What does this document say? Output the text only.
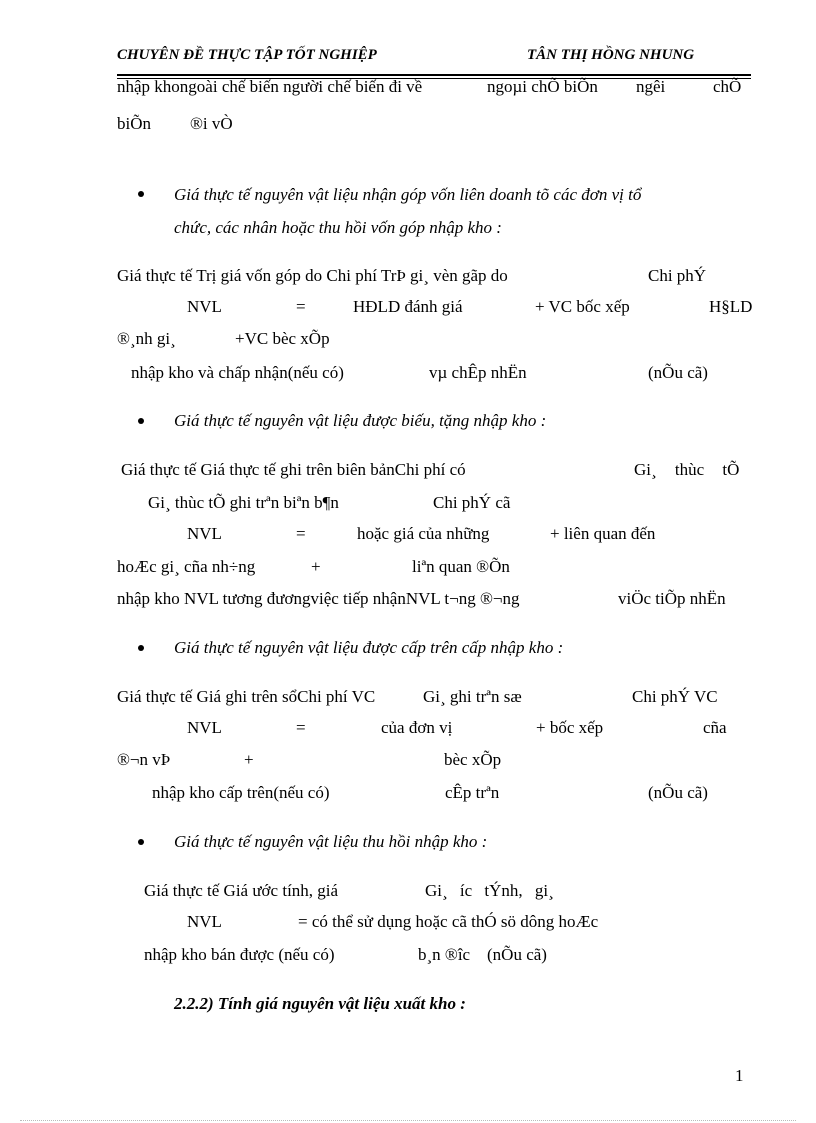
CHUYÊN ĐỀ THỰC TẬP TỐT NGHIỆP	TÂN THỊ HỒNG NHUNG
nhập khongoài chế biến người chế biến đi về	ngoµi chÕ biÕn ngêi	chÕ
biÕn ®i vÒ
Giá thực tế nguyên vật liệu nhận góp vốn liên doanh tõ các đơn vị tổ
chức, các nhân hoặc thu hồi vốn góp nhập kho :
Giá thực tế Trị giá vốn góp do Chi phí TrÞ gi¸ vèn gãp do	Chi phÝ
NVL	=	HĐLD đánh giá	+ VC bốc xếp	H§LD
®¸nh gi¸	+VC bèc xÕp
nhập kho và chấp nhận(nếu có)	vµ chÊp nhËn	(nÕu cã)
Giá thực tế nguyên vật liệu được biếu, tặng nhập kho :
Giá thực tế Giá thực tế ghi trên biên bảnChi phí có	Gi¸ thùc tÕ
Gi¸ thùc tÕ ghi trªn biªn b¶n	Chi phÝ cã
NVL	=	hoặc giá của những	+ liên quan đến
hoÆc gi¸ cña nh÷ng	+	liªn quan ®Õn
nhập kho NVL tương đươngviệc tiếp nhậnNVL t¬ng ®¬ng	viÖc tiÕp nhËn
Giá thực tế nguyên vật liệu được cấp trên cấp nhập kho :
Giá thực tế Giá ghi trên sổChi phí VC	Gi¸ ghi trªn sæ	Chi phÝ VC
NVL	=	của đơn vị	+ bốc xếp	cña
®¬n vÞ	+	bèc xÕp
nhập kho cấp trên(nếu có)	cÊp trªn	(nÕu cã)
Giá thực tế nguyên vật liệu thu hồi nhập kho :
Giá thực tế Giá ước tính, giá	Gi¸ íc tÝnh, gi¸
NVL	= có thể sử dụng hoặc cã thÓ sö dông hoÆc
nhập kho bán được (nếu có)	b¸n ®îc (nÕu cã)
2.2.2) Tính giá nguyên vật liệu xuất kho :
1
